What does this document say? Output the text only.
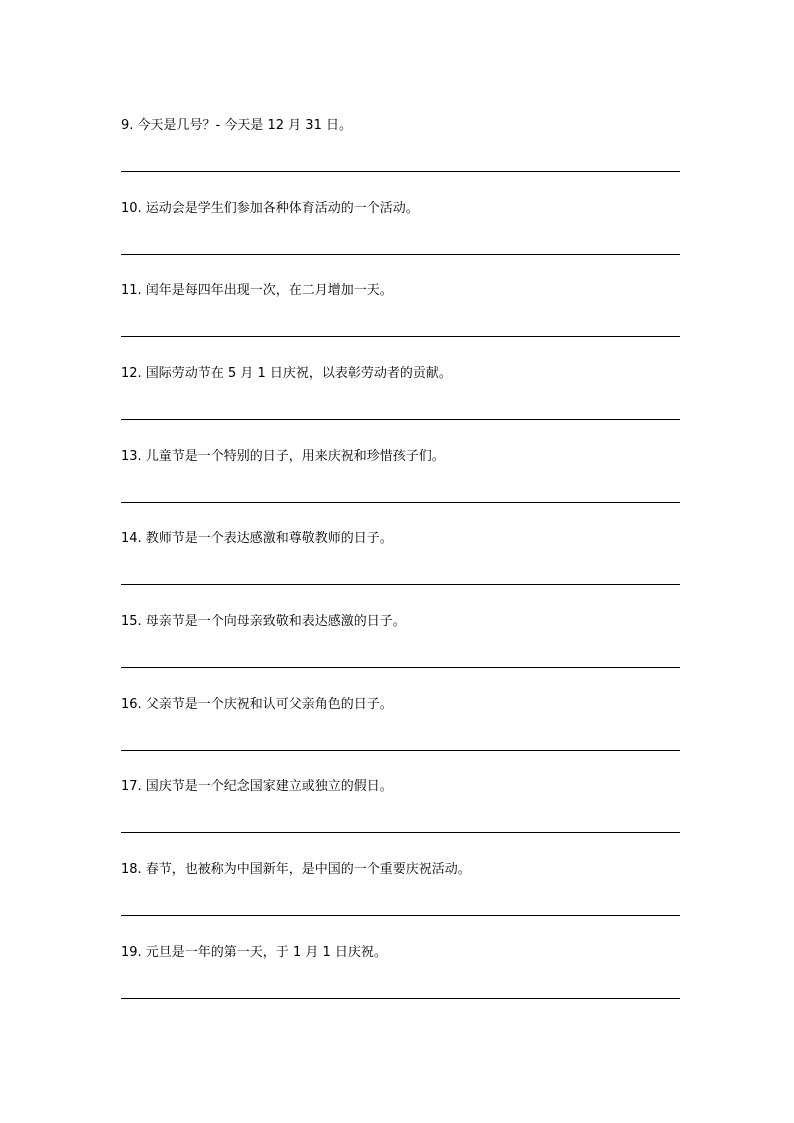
9. 今天是几号？- 今天是 12 月 31 日。
10. 运动会是学生们参加各种体育活动的一个活动。
11. 闰年是每四年出现一次，在二月增加一天。
12. 国际劳动节在 5 月 1 日庆祝，以表彰劳动者的贡献。
13. 儿童节是一个特别的日子，用来庆祝和珍惜孩子们。
14. 教师节是一个表达感激和尊敬教师的日子。
15. 母亲节是一个向母亲致敬和表达感激的日子。
16. 父亲节是一个庆祝和认可父亲角色的日子。
17. 国庆节是一个纪念国家建立或独立的假日。
18. 春节，也被称为中国新年，是中国的一个重要庆祝活动。
19. 元旦是一年的第一天，于 1 月 1 日庆祝。
